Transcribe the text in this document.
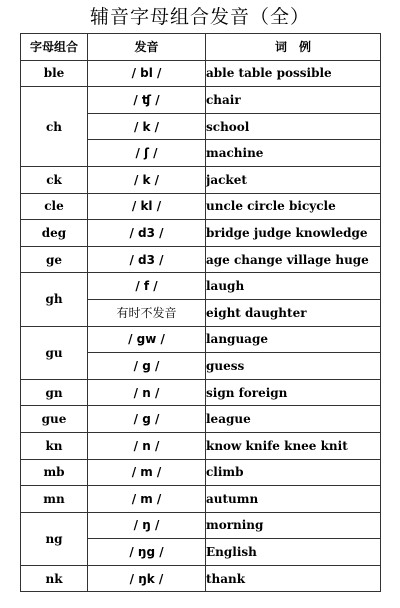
辅音字母组合发音（全）
字母组合	发音	词　例
ble	/ bl /	able table possible
ch	/ ʧ /	chair
	/ k /	school
	/ ʃ /	machine
ck	/ k /	jacket
cle	/ kl /	uncle circle bicycle
deg	/ d3 /	bridge judge knowledge
ge	/ d3 /	age change village huge
gh	/ f /	laugh
	有时不发音	eight daughter
gu	/ gw /	language
	/ g /	guess
gn	/ n /	sign foreign
gue	/ g /	league
kn	/ n /	know knife knee knit
mb	/ m /	climb
mn	/ m /	autumn
ng	/ ŋ /	morning
	/ ŋg /	English
nk	/ ŋk /	thank
